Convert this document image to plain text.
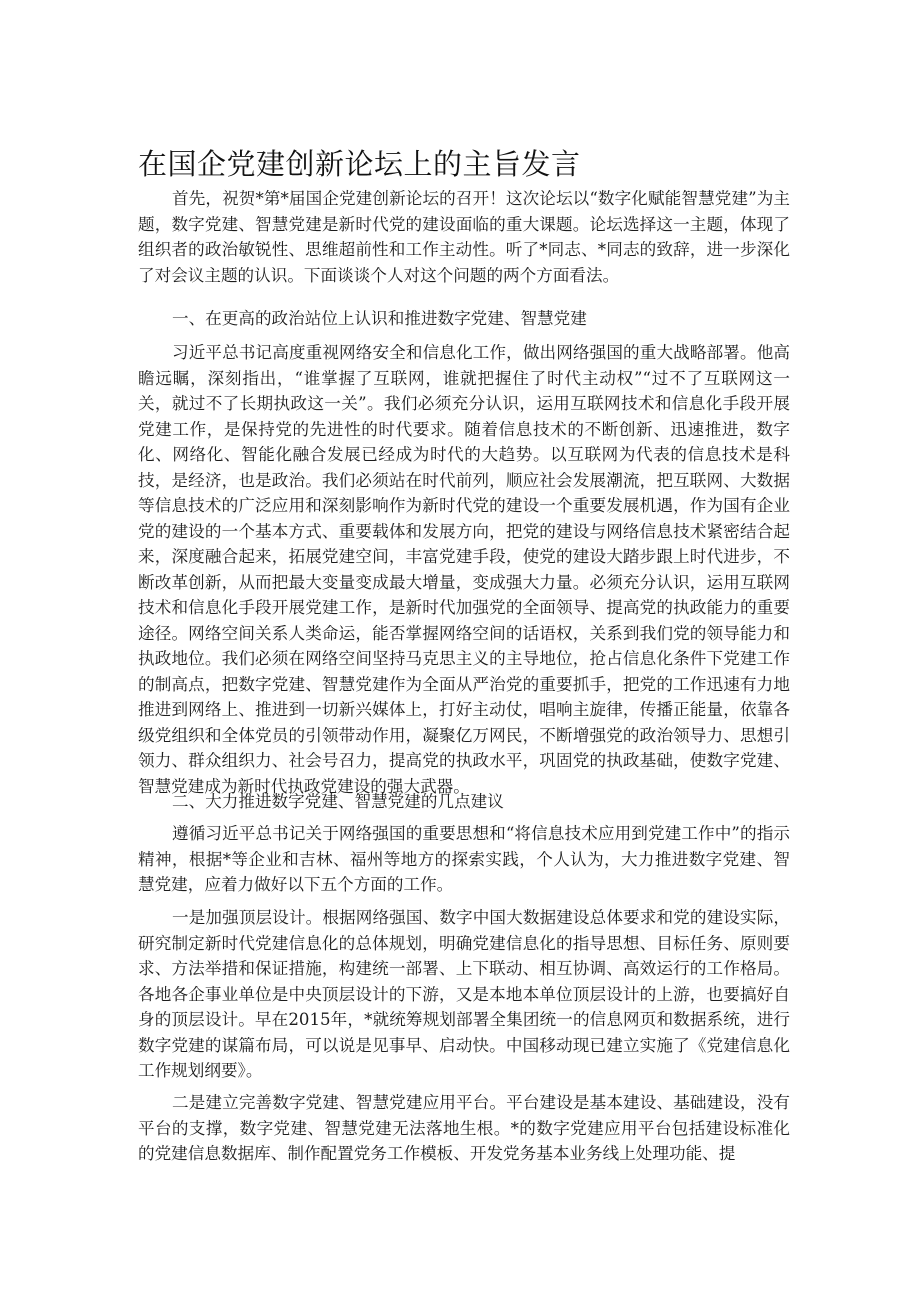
在国企党建创新论坛上的主旨发言

首先，祝贺*第*届国企党建创新论坛的召开！这次论坛以“数字化赋能智慧党建”为主题，数字党建、智慧党建是新时代党的建设面临的重大课题。论坛选择这一主题，体现了组织者的政治敏锐性、思维超前性和工作主动性。听了*同志、*同志的致辞，进一步深化了对会议主题的认识。下面谈谈个人对这个问题的两个方面看法。

一、在更高的政治站位上认识和推进数字党建、智慧党建

习近平总书记高度重视网络安全和信息化工作，做出网络强国的重大战略部署。他高瞻远瞩，深刻指出，“谁掌握了互联网，谁就把握住了时代主动权”“过不了互联网这一关，就过不了长期执政这一关”。我们必须充分认识，运用互联网技术和信息化手段开展党建工作，是保持党的先进性的时代要求。随着信息技术的不断创新、迅速推进，数字化、网络化、智能化融合发展已经成为时代的大趋势。以互联网为代表的信息技术是科技，是经济，也是政治。我们必须站在时代前列，顺应社会发展潮流，把互联网、大数据等信息技术的广泛应用和深刻影响作为新时代党的建设一个重要发展机遇，作为国有企业党的建设的一个基本方式、重要载体和发展方向，把党的建设与网络信息技术紧密结合起来，深度融合起来，拓展党建空间，丰富党建手段，使党的建设大踏步跟上时代进步，不断改革创新，从而把最大变量变成最大增量，变成强大力量。必须充分认识，运用互联网技术和信息化手段开展党建工作，是新时代加强党的全面领导、提高党的执政能力的重要途径。网络空间关系人类命运，能否掌握网络空间的话语权，关系到我们党的领导能力和执政地位。我们必须在网络空间坚持马克思主义的主导地位，抢占信息化条件下党建工作的制高点，把数字党建、智慧党建作为全面从严治党的重要抓手，把党的工作迅速有力地推进到网络上、推进到一切新兴媒体上，打好主动仗，唱响主旋律，传播正能量，依靠各级党组织和全体党员的引领带动作用，凝聚亿万网民，不断增强党的政治领导力、思想引领力、群众组织力、社会号召力，提高党的执政水平，巩固党的执政基础，使数字党建、智慧党建成为新时代执政党建设的强大武器。

二、大力推进数字党建、智慧党建的几点建议

遵循习近平总书记关于网络强国的重要思想和“将信息技术应用到党建工作中”的指示精神，根据*等企业和吉林、福州等地方的探索实践，个人认为，大力推进数字党建、智慧党建，应着力做好以下五个方面的工作。

一是加强顶层设计。根据网络强国、数字中国大数据建设总体要求和党的建设实际，研究制定新时代党建信息化的总体规划，明确党建信息化的指导思想、目标任务、原则要求、方法举措和保证措施，构建统一部署、上下联动、相互协调、高效运行的工作格局。各地各企事业单位是中央顶层设计的下游，又是本地本单位顶层设计的上游，也要搞好自身的顶层设计。早在2015年，*就统筹规划部署全集团统一的信息网页和数据系统，进行数字党建的谋篇布局，可以说是见事早、启动快。中国移动现已建立实施了《党建信息化工作规划纲要》。

二是建立完善数字党建、智慧党建应用平台。平台建设是基本建设、基础建设，没有平台的支撑，数字党建、智慧党建无法落地生根。*的数字党建应用平台包括建设标准化的党建信息数据库、制作配置党务工作模板、开发党务基本业务线上处理功能、提
